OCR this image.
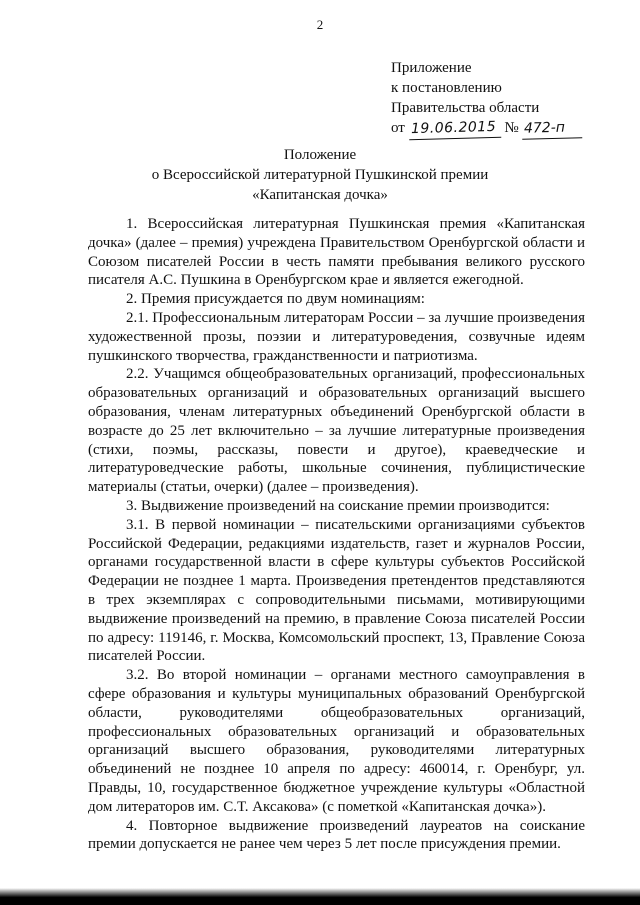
2
Приложение
к постановлению
Правительства области
от 19.06.2015 № 472-п
Положение
о Всероссийской литературной Пушкинской премии
«Капитанская дочка»

1. Всероссийская литературная Пушкинская премия «Капитанская дочка» (далее – премия) учреждена Правительством Оренбургской области и Союзом писателей России в честь памяти пребывания великого русского писателя А.С. Пушкина в Оренбургском крае и является ежегодной.

2. Премия присуждается по двум номинациям:

2.1. Профессиональным литераторам России – за лучшие произведения художественной прозы, поэзии и литературоведения, созвучные идеям пушкинского творчества, гражданственности и патриотизма.

2.2. Учащимся общеобразовательных организаций, профессиональных образовательных организаций и образовательных организаций высшего образования, членам литературных объединений Оренбургской области в возрасте до 25 лет включительно – за лучшие литературные произведения (стихи, поэмы, рассказы, повести и другое), краеведческие и литературоведческие работы, школьные сочинения, публицистические материалы (статьи, очерки) (далее – произведения).

3. Выдвижение произведений на соискание премии производится:

3.1. В первой номинации – писательскими организациями субъектов Российской Федерации, редакциями издательств, газет и журналов России, органами государственной власти в сфере культуры субъектов Российской Федерации не позднее 1 марта. Произведения претендентов представляются в трех экземплярах с сопроводительными письмами, мотивирующими выдвижение произведений на премию, в правление Союза писателей России по адресу: 119146, г. Москва, Комсомольский проспект, 13, Правление Союза писателей России.

3.2. Во второй номинации – органами местного самоуправления в сфере образования и культуры муниципальных образований Оренбургской области, руководителями общеобразовательных организаций, профессиональных образовательных организаций и образовательных организаций высшего образования, руководителями литературных объединений не позднее 10 апреля по адресу: 460014, г. Оренбург, ул. Правды, 10, государственное бюджетное учреждение культуры «Областной дом литераторов им. С.Т. Аксакова» (с пометкой «Капитанская дочка»).

4. Повторное выдвижение произведений лауреатов на соискание премии допускается не ранее чем через 5 лет после присуждения премии.
